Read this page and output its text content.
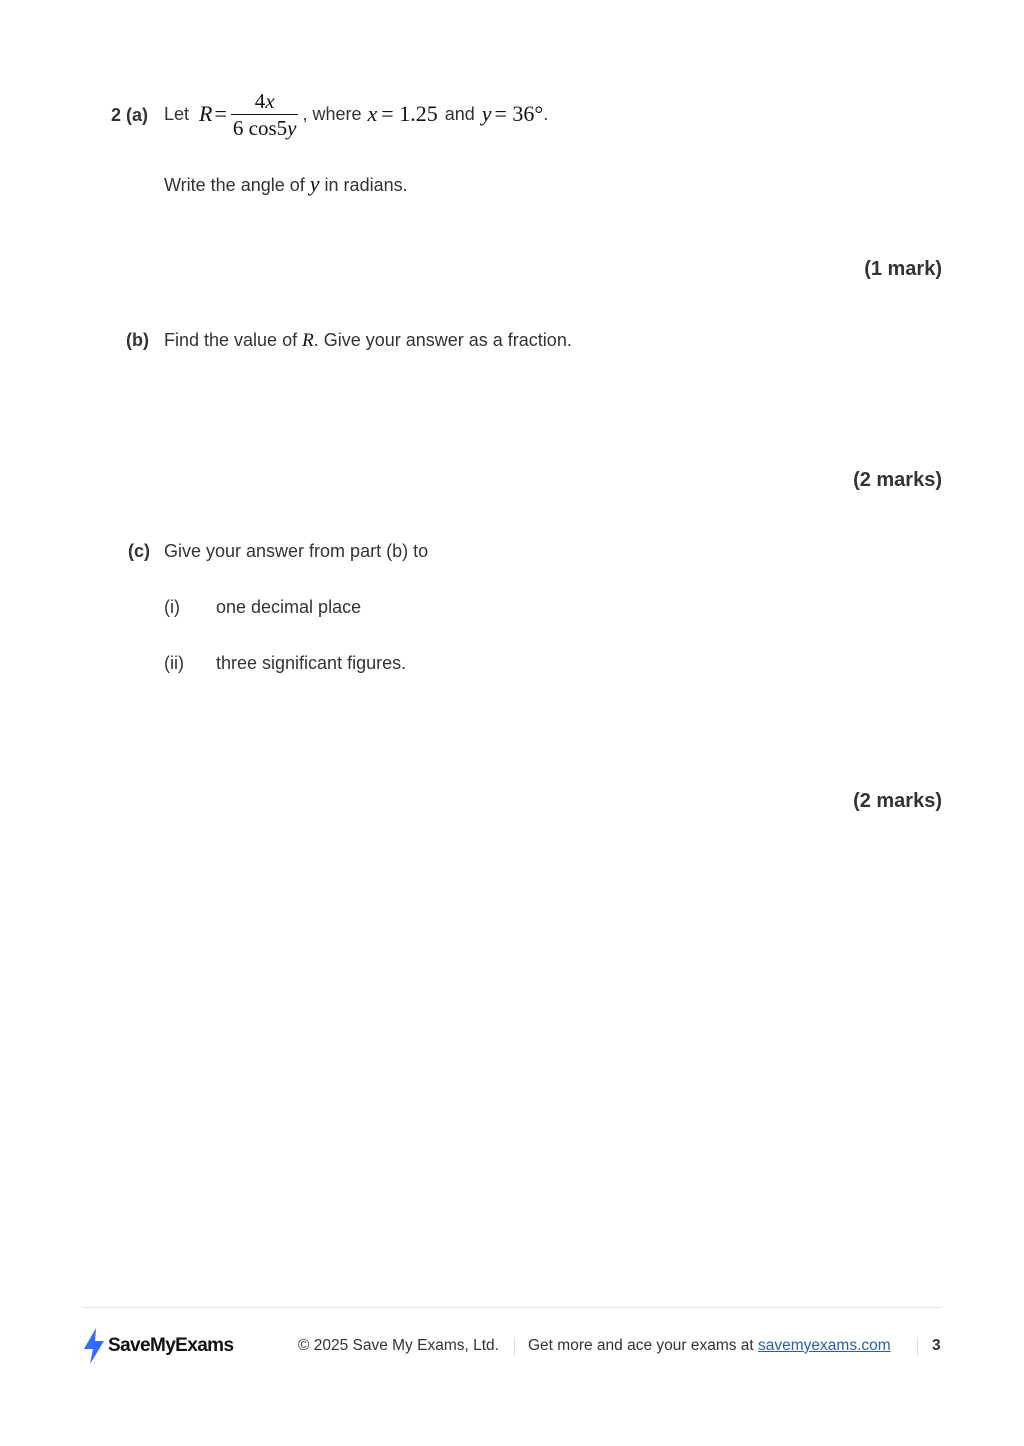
2 (a) Let $R = \frac{4x}{6 \cos 5y}$ , where x = 1.25 and y = 36° .
Write the angle of y in radians.
(1 mark)
(b) Find the value of R. Give your answer as a fraction.
(2 marks)
(c) Give your answer from part (b) to
(i) one decimal place
(ii) three significant figures.
(2 marks)
SaveMyExams	© 2025 Save My Exams, Ltd. Get more and ace your exams at savemyexams.com	3
